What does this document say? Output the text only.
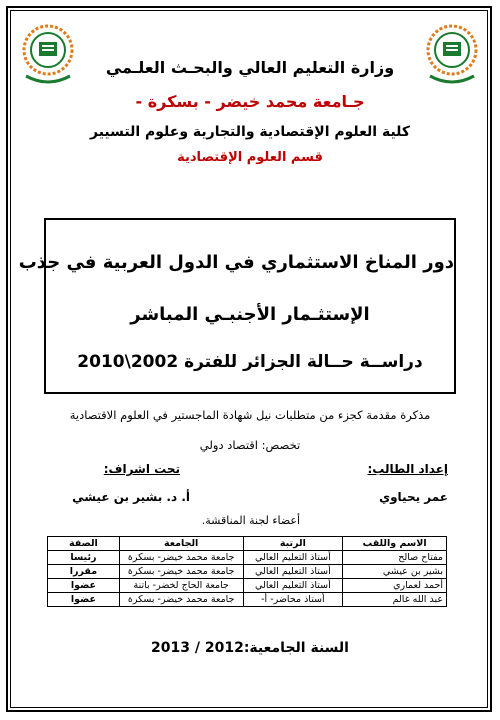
وزارة التعليم العالي والبحـث العلـمي
جـامعة محمد خيضر - بسكرة -
كلية العلوم الإقتصادية والتجارية وعلوم التسيير
قسم العلوم الإقتصادية
دور المناخ الاستثماري في الدول العربية في جذب
الإستثـمار الأجنبـي المباشر
دراســة حــالة الجزائر للفترة 2002\2010
مذكرة مقدمة كجزء من متطلبات نيل شهادة الماجستير في العلوم الاقتصادية
تخصص: اقتصاد دولي
إعداد الطالب:
تحت اشراف:
عمر يحياوي
أ. د. بشير بن عيشي
أعضاء لجنة المناقشة.
الاسم واللقب	الرتبة	الجامعة	الصفة
مفتاح صالح	أستاذ التعليم العالي	جامعة محمد خيضر- بسكرة	رئيسا
بشير بن عيشي	أستاذ التعليم العالي	جامعة محمد خيضر- بسكرة	مقررا
أحمد لعماري	أستاذ التعليم العالي	جامعة الحاج لخضر- باتنة	عضوا
عبد الله غالم	أستاذ محاضر- أ-	جامعة محمد خيضر- بسكرة	عضوا
السنة الجامعية:2012 / 2013
